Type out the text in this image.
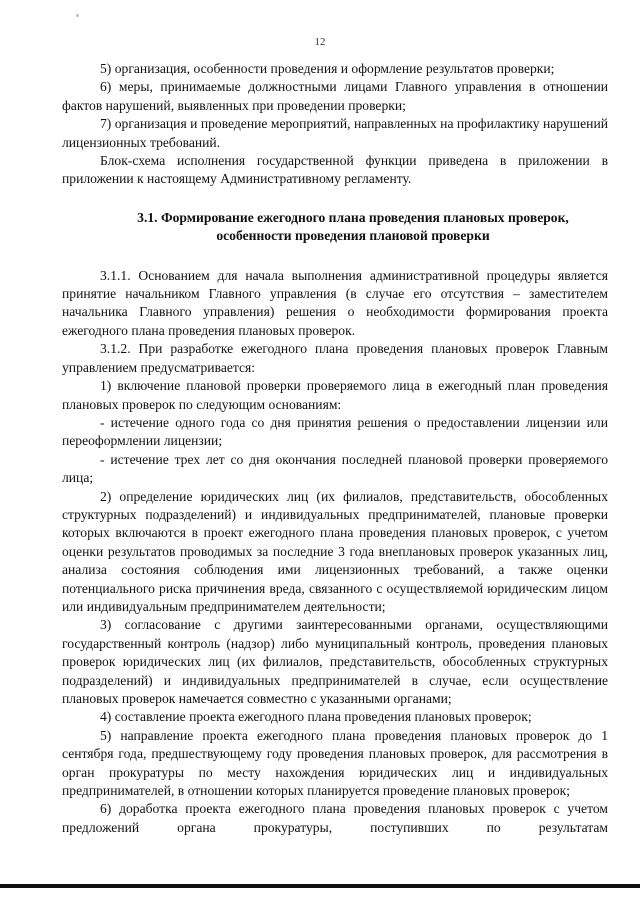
12

5) организация, особенности проведения и оформление результатов проверки;

6) меры, принимаемые должностными лицами Главного управления в отношении фактов нарушений, выявленных при проведении проверки;

7) организация и проведение мероприятий, направленных на профилактику нарушений лицензионных требований.

Блок-схема исполнения государственной функции приведена в приложении в приложении к настоящему Административному регламенту.

3.1. Формирование ежегодного плана проведения плановых проверок, особенности проведения плановой проверки

3.1.1. Основанием для начала выполнения административной процедуры является принятие начальником Главного управления (в случае его отсутствия – заместителем начальника Главного управления) решения о необходимости формирования проекта ежегодного плана проведения плановых проверок.

3.1.2. При разработке ежегодного плана проведения плановых проверок Главным управлением предусматривается:

1) включение плановой проверки проверяемого лица в ежегодный план проведения плановых проверок по следующим основаниям:

- истечение одного года со дня принятия решения о предоставлении лицензии или переоформлении лицензии;

- истечение трех лет со дня окончания последней плановой проверки проверяемого лица;

2) определение юридических лиц (их филиалов, представительств, обособленных структурных подразделений) и индивидуальных предпринимателей, плановые проверки которых включаются в проект ежегодного плана проведения плановых проверок, с учетом оценки результатов проводимых за последние 3 года внеплановых проверок указанных лиц, анализа состояния соблюдения ими лицензионных требований, а также оценки потенциального риска причинения вреда, связанного с осуществляемой юридическим лицом или индивидуальным предпринимателем деятельности;

3) согласование с другими заинтересованными органами, осуществляющими государственный контроль (надзор) либо муниципальный контроль, проведения плановых проверок юридических лиц (их филиалов, представительств, обособленных структурных подразделений) и индивидуальных предпринимателей в случае, если осуществление плановых проверок намечается совместно с указанными органами;

4) составление проекта ежегодного плана проведения плановых проверок;

5) направление проекта ежегодного плана проведения плановых проверок до 1 сентября года, предшествующему году проведения плановых проверок, для рассмотрения в орган прокуратуры по месту нахождения юридических лиц и индивидуальных предпринимателей, в отношении которых планируется проведение плановых проверок;

6) доработка проекта ежегодного плана проведения плановых проверок с учетом предложений органа прокуратуры, поступивших по результатам
